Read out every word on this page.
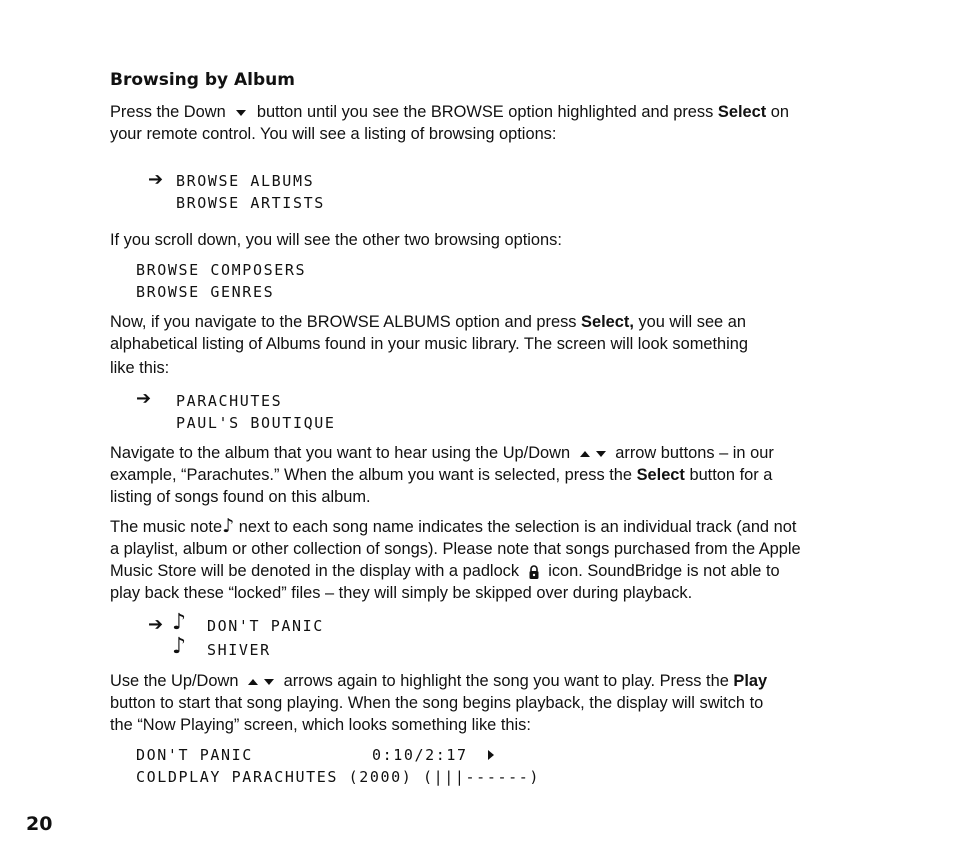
Browsing by Album
Press the Down button until you see the BROWSE option highlighted and press Select on
your remote control. You will see a listing of browsing options:
➔ BROWSE ALBUMS
BROWSE ARTISTS
If you scroll down, you will see the other two browsing options:
BROWSE COMPOSERS
BROWSE GENRES
Now, if you navigate to the BROWSE ALBUMS option and press Select, you will see an
alphabetical listing of Albums found in your music library. The screen will look something
like this:
➔ PARACHUTES
PAUL'S BOUTIQUE
Navigate to the album that you want to hear using the Up/Down	arrow buttons – in our
example, “Parachutes.” When the album you want is selected, press the Select button for a
listing of songs found on this album.
The music note♪ next to each song name indicates the selection is an individual track (and not
a playlist, album or other collection of songs). Please note that songs purchased from the Apple
Music Store will be denoted in the display with a padlock icon. SoundBridge is not able to
play back these “locked” files – they will simply be skipped over during playback.
➔ ♪ DON'T PANIC
♪ SHIVER
Use the Up/Down	arrows again to highlight the song you want to play. Press the Play
button to start that song playing. When the song begins playback, the display will switch to
the “Now Playing” screen, which looks something like this:
DON'T PANIC	0:10/2:17
COLDPLAY PARACHUTES (2000) (|||------)
20
